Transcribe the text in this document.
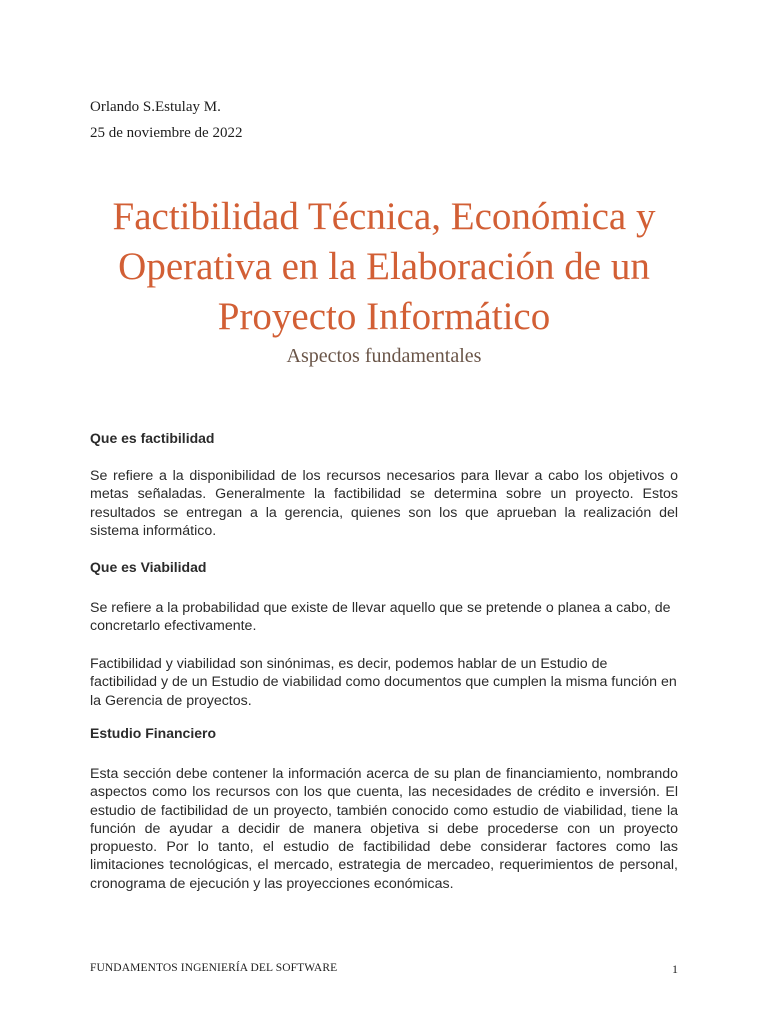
Orlando S.Estulay M.
25 de noviembre de 2022
Factibilidad Técnica, Económica y
Operativa en la Elaboración de un
Proyecto Informático
Aspectos fundamentales
Que es factibilidad

Se refiere a la disponibilidad de los recursos necesarios para llevar a cabo los objetivos o metas señaladas. Generalmente la factibilidad se determina sobre un proyecto. Estos resultados se entregan a la gerencia, quienes son los que aprueban la realización del sistema informático.

Que es Viabilidad

Se refiere a la probabilidad que existe de llevar aquello que se pretende o planea a cabo, de concretarlo efectivamente.

Factibilidad y viabilidad son sinónimas, es decir, podemos hablar de un Estudio de factibilidad y de un Estudio de viabilidad como documentos que cumplen la misma función en la Gerencia de proyectos.

Estudio Financiero

Esta sección debe contener la información acerca de su plan de financiamiento, nombrando aspectos como los recursos con los que cuenta, las necesidades de crédito e inversión. El estudio de factibilidad de un proyecto, también conocido como estudio de viabilidad, tiene la función de ayudar a decidir de manera objetiva si debe procederse con un proyecto propuesto. Por lo tanto, el estudio de factibilidad debe considerar factores como las limitaciones tecnológicas, el mercado, estrategia de mercadeo, requerimientos de personal, cronograma de ejecución y las proyecciones económicas.

FUNDAMENTOS INGENIERÍA DEL SOFTWARE	1
